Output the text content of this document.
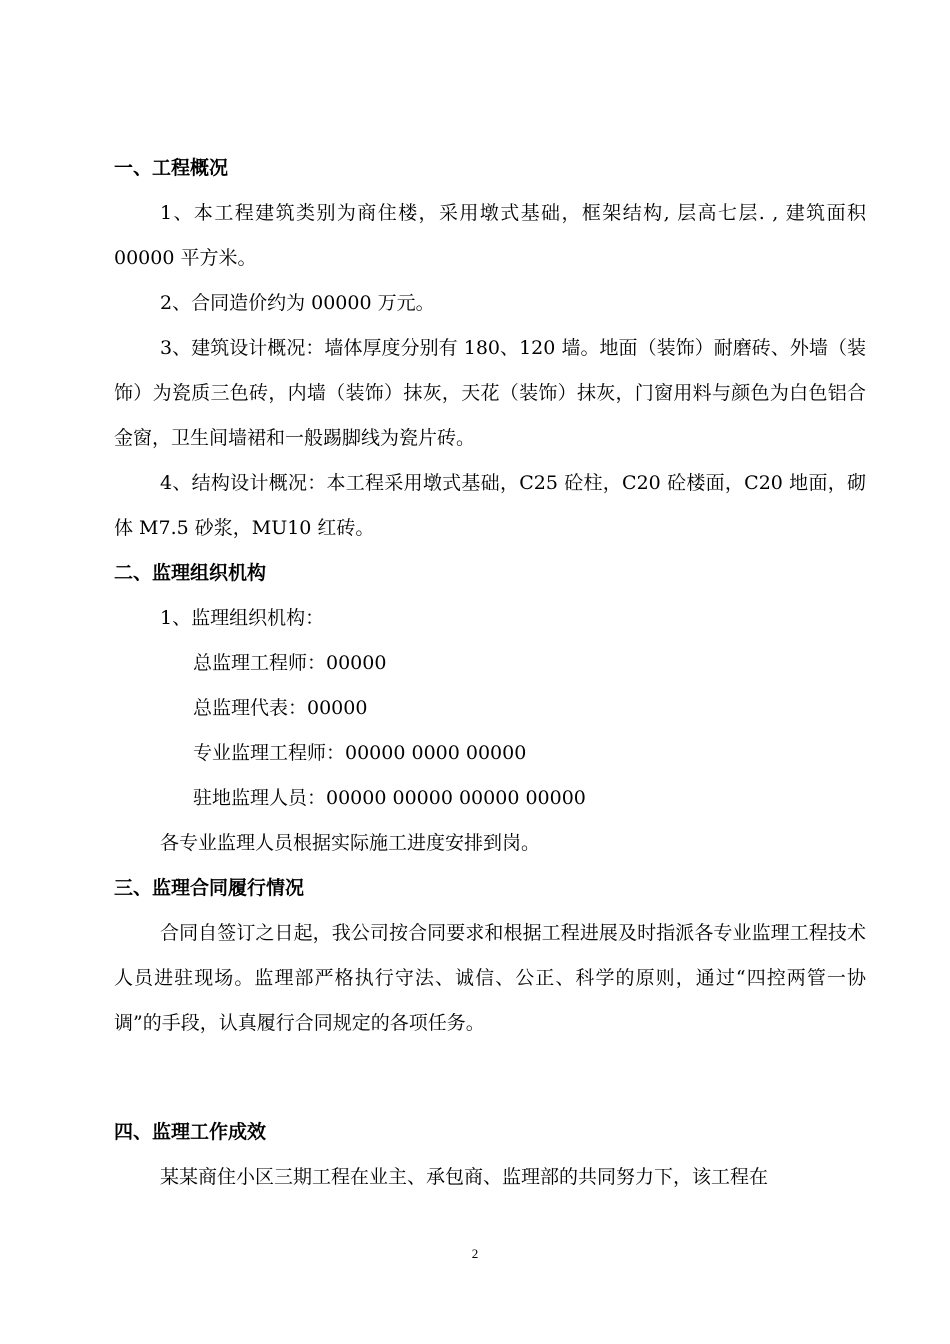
一、工程概况

1、本工程建筑类别为商住楼，采用墩式基础，框架结构, 层高七层. , 建筑面积 00000 平方米。

2、合同造价约为 00000 万元。

3、建筑设计概况：墙体厚度分别有 180、120 墙。地面（装饰）耐磨砖、外墙（装饰）为瓷质三色砖，内墙（装饰）抹灰，天花（装饰）抹灰，门窗用料与颜色为白色铝合金窗，卫生间墙裙和一般踢脚线为瓷片砖。

4、结构设计概况：本工程采用墩式基础，C25 砼柱，C20 砼楼面，C20 地面，砌体 M7.5 砂浆，MU10 红砖。

二、监理组织机构
1、监理组织机构：
总监理工程师：00000
总监理代表：00000
专业监理工程师：00000 0000 00000
驻地监理人员：00000 00000 00000 00000
各专业监理人员根据实际施工进度安排到岗。
三、监理合同履行情况

合同自签订之日起，我公司按合同要求和根据工程进展及时指派各专业监理工程技术人员进驻现场。监理部严格执行守法、诚信、公正、科学的原则，通过“四控两管一协调”的手段，认真履行合同规定的各项任务。

四、监理工作成效

某某商住小区三期工程在业主、承包商、监理部的共同努力下，该工程在

2
